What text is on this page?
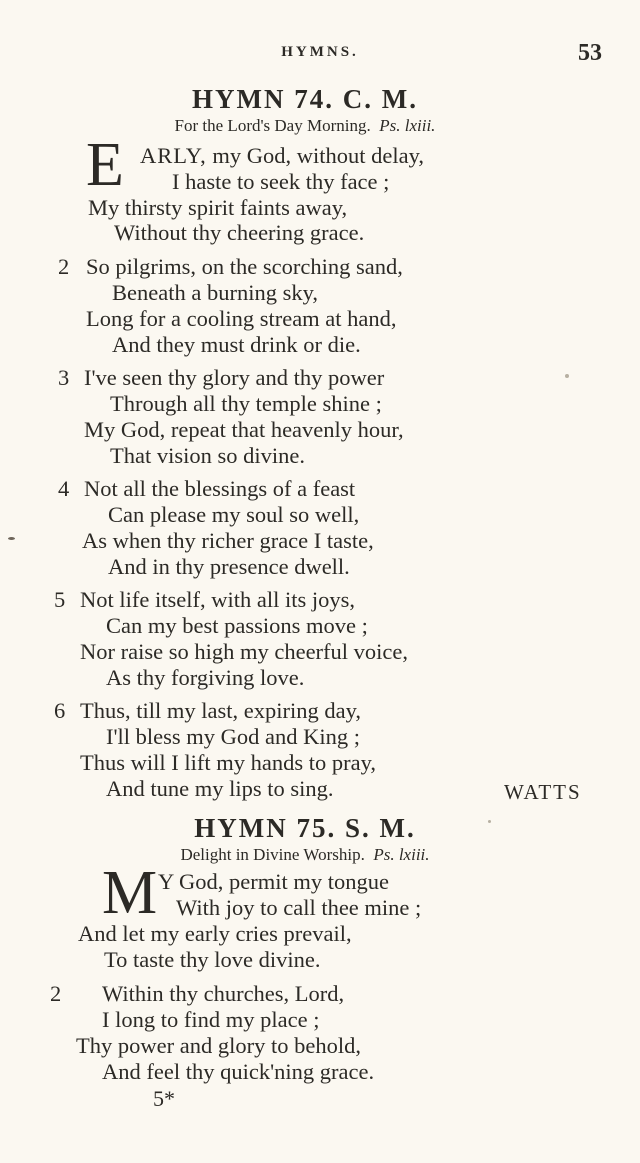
HYMNS.	53
HYMN 74. C. M.
For the Lord's Day Morning. Ps. lxiii.
E ARLY, my God, without delay,
I haste to seek thy face ;
My thirsty spirit faints away,
Without thy cheering grace.
2 So pilgrims, on the scorching sand,
Beneath a burning sky,
Long for a cooling stream at hand,
And they must drink or die.
3 I've seen thy glory and thy power
Through all thy temple shine ;
My God, repeat that heavenly hour,
That vision so divine.
4 Not all the blessings of a feast
Can please my soul so well,
As when thy richer grace I taste,
And in thy presence dwell.
5 Not life itself, with all its joys,
Can my best passions move ;
Nor raise so high my cheerful voice,
As thy forgiving love.
6 Thus, till my last, expiring day,
I'll bless my God and King ;
Thus will I lift my hands to pray,
And tune my lips to sing.	WATTS
HYMN 75. S. M.
Delight in Divine Worship. Ps. lxiii.
M Y God, permit my tongue
With joy to call thee mine ;
And let my early cries prevail,
To taste thy love divine.
2 Within thy churches, Lord,
I long to find my place ;
Thy power and glory to behold,
And feel thy quick'ning grace.
5*
